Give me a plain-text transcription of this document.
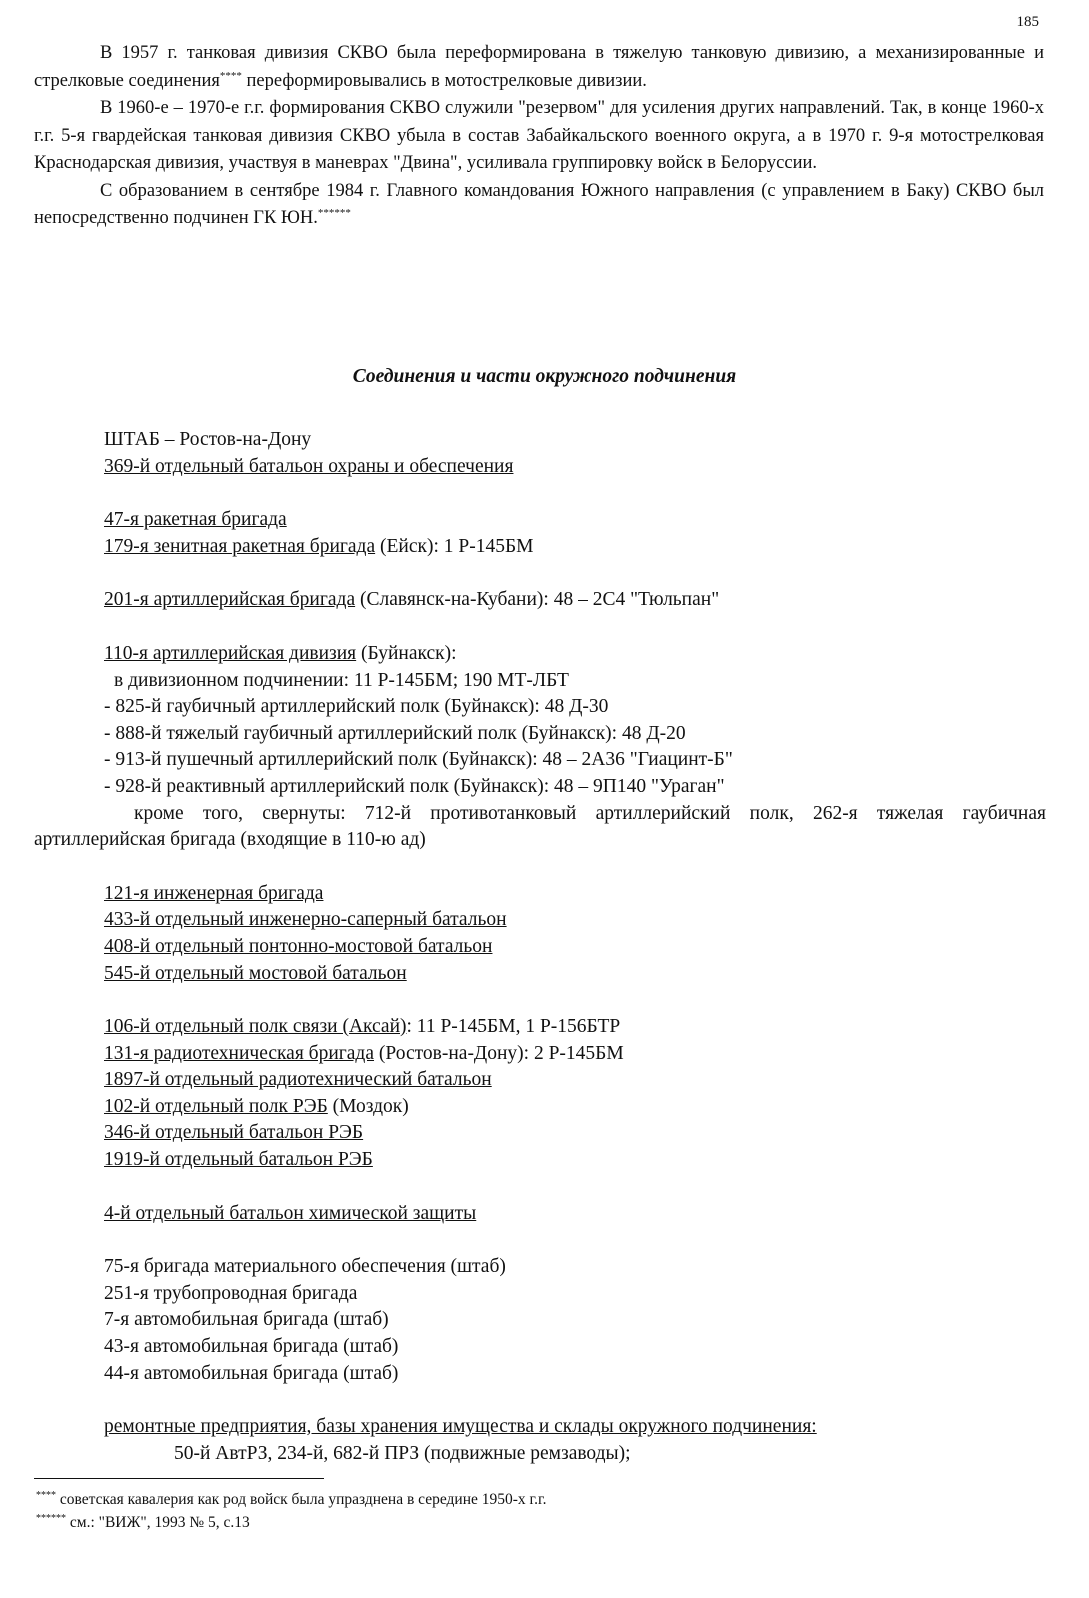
185

В 1957 г. танковая дивизия СКВО была переформирована в тяжелую танковую дивизию, а механизированные и стрелковые соединения**** переформировывались в мотострелковые дивизии.

В 1960-е – 1970-е г.г. формирования СКВО служили "резервом" для усиления других направлений. Так, в конце 1960-х г.г. 5-я гвардейская танковая дивизия СКВО убыла в состав Забайкальского военного округа, а в 1970 г. 9-я мотострелковая Краснодарская дивизия, участвуя в маневрах "Двина", усиливала группировку войск в Белоруссии.

С образованием в сентябре 1984 г. Главного командования Южного направления (с управлением в Баку) СКВО был непосредственно подчинен ГК ЮН.******

Соединения и части окружного подчинения
ШТАБ – Ростов-на-Дону
369-й отдельный батальон охраны и обеспечения
47-я ракетная бригада
179-я зенитная ракетная бригада (Ейск): 1 Р-145БМ
201-я артиллерийская бригада (Славянск-на-Кубани): 48 – 2С4 "Тюльпан"
110-я артиллерийская дивизия (Буйнакск):
в дивизионном подчинении: 11 Р-145БМ; 190 МТ-ЛБТ
- 825-й гаубичный артиллерийский полк (Буйнакск): 48 Д-30
- 888-й тяжелый гаубичный артиллерийский полк (Буйнакск): 48 Д-20
- 913-й пушечный артиллерийский полк (Буйнакск): 48 – 2А36 "Гиацинт-Б"
- 928-й реактивный артиллерийский полк (Буйнакск): 48 – 9П140 "Ураган"
кроме того, свернуты: 712-й противотанковый артиллерийский полк, 262-я тяжелая гаубичная артиллерийская бригада (входящие в 110-ю ад)
121-я инженерная бригада
433-й отдельный инженерно-саперный батальон
408-й отдельный понтонно-мостовой батальон
545-й отдельный мостовой батальон
106-й отдельный полк связи (Аксай): 11 Р-145БМ, 1 Р-156БТР
131-я радиотехническая бригада (Ростов-на-Дону): 2 Р-145БМ
1897-й отдельный радиотехнический батальон
102-й отдельный полк РЭБ (Моздок)
346-й отдельный батальон РЭБ
1919-й отдельный батальон РЭБ
4-й отдельный батальон химической защиты
75-я бригада материального обеспечения (штаб)
251-я трубопроводная бригада
7-я автомобильная бригада (штаб)
43-я автомобильная бригада (штаб)
44-я автомобильная бригада (штаб)
ремонтные предприятия, базы хранения имущества и склады окружного подчинения:
50-й АвтРЗ, 234-й, 682-й ПРЗ (подвижные ремзаводы);
**** советская кавалерия как род войск была упразднена в середине 1950-х г.г.
****** см.: "ВИЖ", 1993 № 5, с.13
